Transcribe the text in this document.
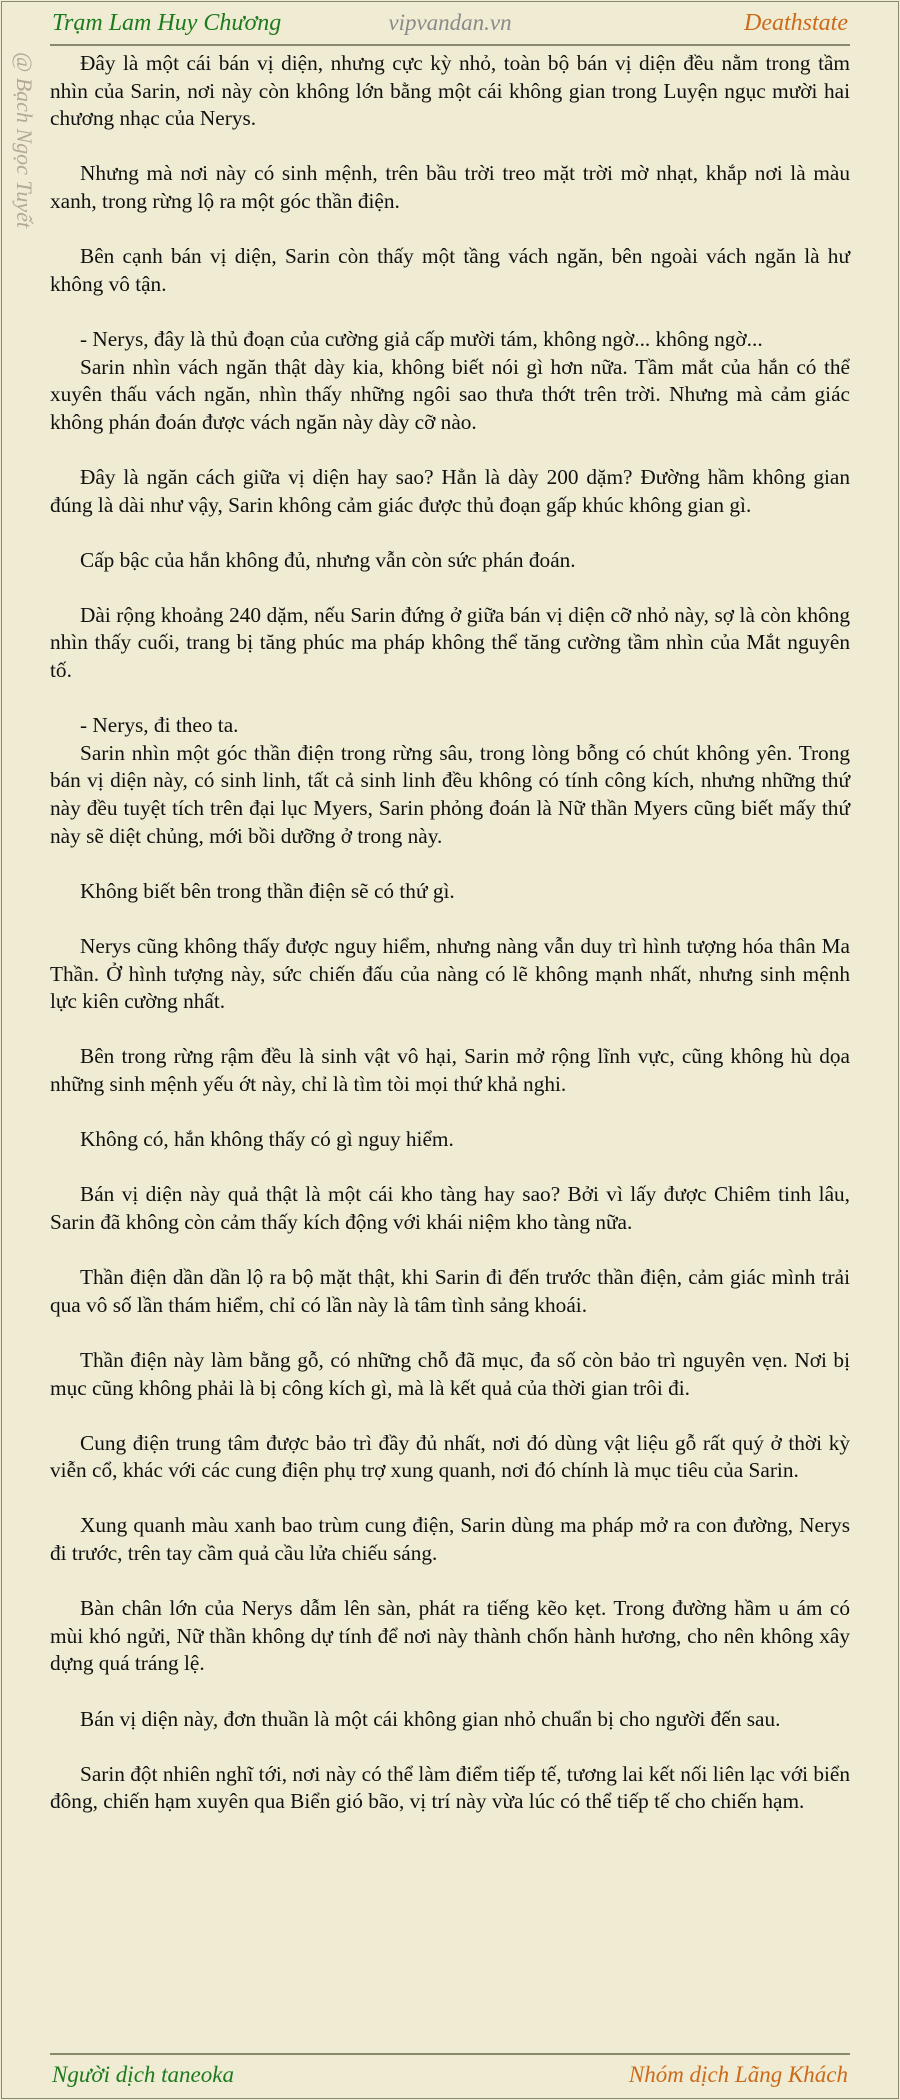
Trạm Lam Huy Chương	vipvandan.vn	Deathstate
@ Bạch Ngọc Tuyết	Đây là một cái bán vị diện, nhưng cực kỳ nhỏ, toàn bộ bán vị diện đều nằm trong tầm nhìn của Sarin, nơi này còn không lớn bằng một cái không gian trong Luyện ngục mười hai chương nhạc của Nerys.

Nhưng mà nơi này có sinh mệnh, trên bầu trời treo mặt trời mờ nhạt, khắp nơi là màu xanh, trong rừng lộ ra một góc thần điện.

Bên cạnh bán vị diện, Sarin còn thấy một tầng vách ngăn, bên ngoài vách ngăn là hư không vô tận.

- Nerys, đây là thủ đoạn của cường giả cấp mười tám, không ngờ... không ngờ...

Sarin nhìn vách ngăn thật dày kia, không biết nói gì hơn nữa. Tầm mắt của hắn có thể xuyên thấu vách ngăn, nhìn thấy những ngôi sao thưa thớt trên trời. Nhưng mà cảm giác không phán đoán được vách ngăn này dày cỡ nào.

Đây là ngăn cách giữa vị diện hay sao? Hẳn là dày 200 dặm? Đường hầm không gian đúng là dài như vậy, Sarin không cảm giác được thủ đoạn gấp khúc không gian gì.

Cấp bậc của hắn không đủ, nhưng vẫn còn sức phán đoán.

Dài rộng khoảng 240 dặm, nếu Sarin đứng ở giữa bán vị diện cỡ nhỏ này, sợ là còn không nhìn thấy cuối, trang bị tăng phúc ma pháp không thể tăng cường tầm nhìn của Mắt nguyên tố.

- Nerys, đi theo ta.

Sarin nhìn một góc thần điện trong rừng sâu, trong lòng bỗng có chút không yên. Trong bán vị diện này, có sinh linh, tất cả sinh linh đều không có tính công kích, nhưng những thứ này đều tuyệt tích trên đại lục Myers, Sarin phỏng đoán là Nữ thần Myers cũng biết mấy thứ này sẽ diệt chủng, mới bồi dưỡng ở trong này.

Không biết bên trong thần điện sẽ có thứ gì.

Nerys cũng không thấy được nguy hiểm, nhưng nàng vẫn duy trì hình tượng hóa thân Ma Thần. Ở hình tượng này, sức chiến đấu của nàng có lẽ không mạnh nhất, nhưng sinh mệnh lực kiên cường nhất.

Bên trong rừng rậm đều là sinh vật vô hại, Sarin mở rộng lĩnh vực, cũng không hù dọa những sinh mệnh yếu ớt này, chỉ là tìm tòi mọi thứ khả nghi.

Không có, hắn không thấy có gì nguy hiểm.

Bán vị diện này quả thật là một cái kho tàng hay sao? Bởi vì lấy được Chiêm tinh lâu, Sarin đã không còn cảm thấy kích động với khái niệm kho tàng nữa.

Thần điện dần dần lộ ra bộ mặt thật, khi Sarin đi đến trước thần điện, cảm giác mình trải qua vô số lần thám hiểm, chỉ có lần này là tâm tình sảng khoái.

Thần điện này làm bằng gỗ, có những chỗ đã mục, đa số còn bảo trì nguyên vẹn. Nơi bị mục cũng không phải là bị công kích gì, mà là kết quả của thời gian trôi đi.

Cung điện trung tâm được bảo trì đầy đủ nhất, nơi đó dùng vật liệu gỗ rất quý ở thời kỳ viễn cổ, khác với các cung điện phụ trợ xung quanh, nơi đó chính là mục tiêu của Sarin.

Xung quanh màu xanh bao trùm cung điện, Sarin dùng ma pháp mở ra con đường, Nerys đi trước, trên tay cầm quả cầu lửa chiếu sáng.

Bàn chân lớn của Nerys dẫm lên sàn, phát ra tiếng kẽo kẹt. Trong đường hầm u ám có mùi khó ngửi, Nữ thần không dự tính để nơi này thành chốn hành hương, cho nên không xây dựng quá tráng lệ.

Bán vị diện này, đơn thuần là một cái không gian nhỏ chuẩn bị cho người đến sau.

Sarin đột nhiên nghĩ tới, nơi này có thể làm điểm tiếp tế, tương lai kết nối liên lạc với biển đông, chiến hạm xuyên qua Biển gió bão, vị trí này vừa lúc có thể tiếp tế cho chiến hạm.

Người dịch taneoka	Nhóm dịch Lãng Khách
